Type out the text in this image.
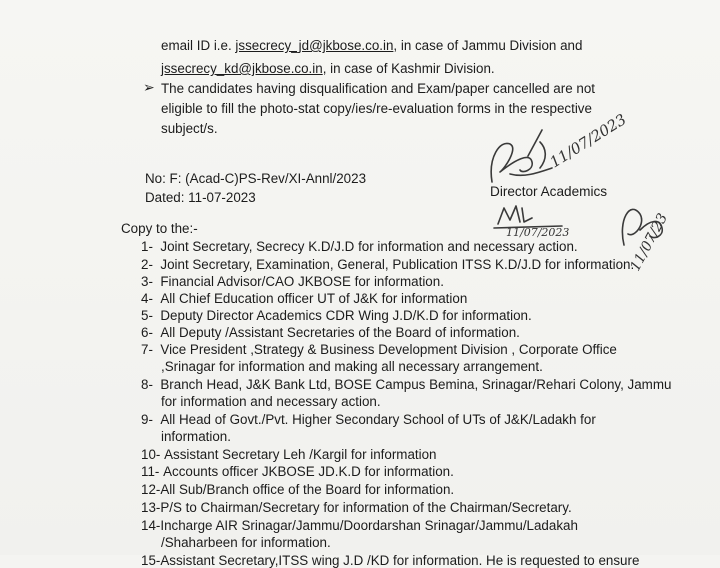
email ID i.e. jssecrecy_jd@jkbose.co.in, in case of Jammu Division and
jssecrecy_kd@jkbose.co.in, in case of Kashmir Division.
➢ The candidates having disqualification and Exam/paper cancelled are not
eligible to fill the photo-stat copy/ies/re-evaluation forms in the respective
subject/s.
No: F: (Acad-C)PS-Rev/XI-Annl/2023
Dated: 11-07-2023
11/07/2023
Director Academics
11/07/2023	11/07/23
Copy to the:-
1- Joint Secretary, Secrecy K.D/J.D for information and necessary action.
2- Joint Secretary, Examination, General, Publication ITSS K.D/J.D for information.
3- Financial Advisor/CAO JKBOSE for information.
4- All Chief Education officer UT of J&K for information
5- Deputy Director Academics CDR Wing J.D/K.D for information.
6- All Deputy /Assistant Secretaries of the Board of information.
7- Vice President ,Strategy & Business Development Division , Corporate Office
,Srinagar for information and making all necessary arrangement.
8- Branch Head, J&K Bank Ltd, BOSE Campus Bemina, Srinagar/Rehari Colony, Jammu
for information and necessary action.
9- All Head of Govt./Pvt. Higher Secondary School of UTs of J&K/Ladakh for
information.
10- Assistant Secretary Leh /Kargil for information
11- Accounts officer JKBOSE JD.K.D for information.
12-All Sub/Branch office of the Board for information.
13-P/S to Chairman/Secretary for information of the Chairman/Secretary.
14-Incharge AIR Srinagar/Jammu/Doordarshan Srinagar/Jammu/Ladakah
/Shaharbeen for information.
15-Assistant Secretary,ITSS wing J.D /KD for information. He is requested to ensure
